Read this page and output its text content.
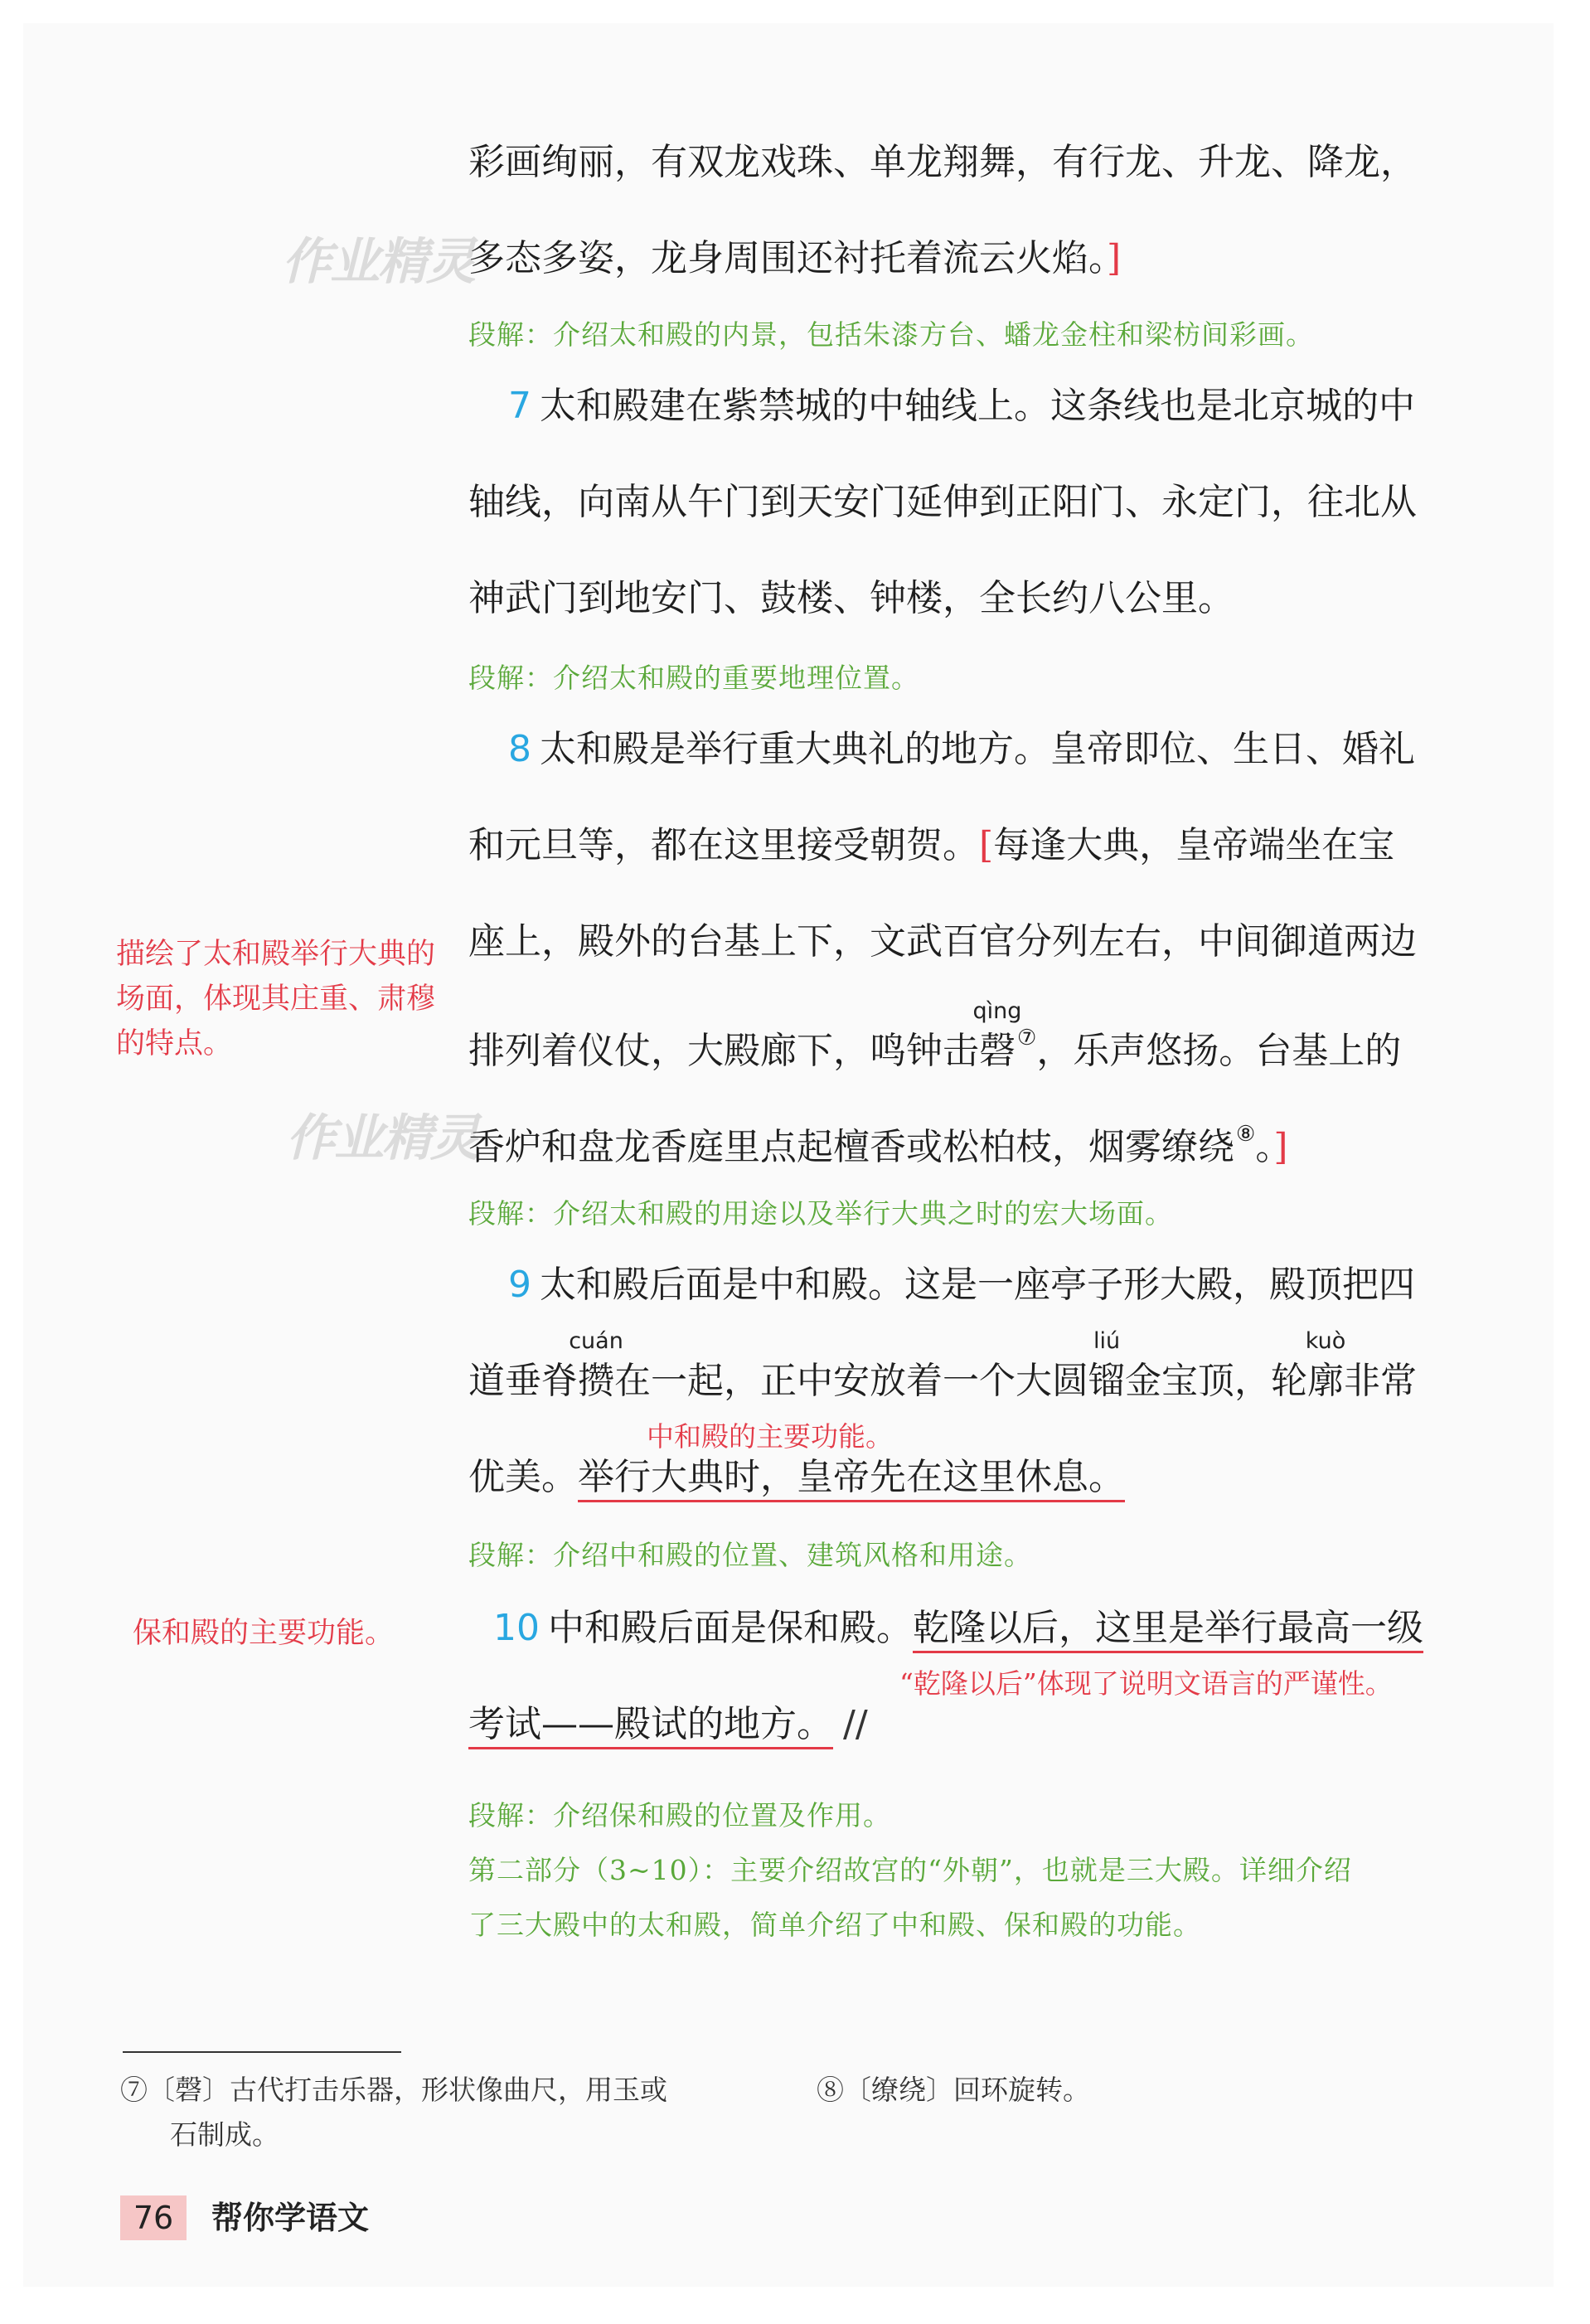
作业精灵
作业精灵
彩画绚丽，有双龙戏珠、单龙翔舞，有行龙、升龙、降龙，
多态多姿，龙身周围还衬托着流云火焰。]
段解：介绍太和殿的内景，包括朱漆方台、蟠龙金柱和梁枋间彩画。
7 太和殿建在紫禁城的中轴线上。这条线也是北京城的中
轴线，向南从午门到天安门延伸到正阳门、永定门，往北从
神武门到地安门、鼓楼、钟楼，全长约八公里。
段解：介绍太和殿的重要地理位置。
8 太和殿是举行重大典礼的地方。皇帝即位、生日、婚礼
和元旦等，都在这里接受朝贺。[每逢大典，皇帝端坐在宝
座上，殿外的台基上下，文武百官分列左右，中间御道两边
排列着仪仗，大殿廊下，鸣钟击
qìng
磬⑦，乐声悠扬。台基上的
香炉和盘龙香庭里点起檀香或松柏枝，烟雾缭绕⑧。]
段解：介绍太和殿的用途以及举行大典之时的宏大场面。
9 太和殿后面是中和殿。这是一座亭子形大殿，殿顶把四
道垂脊
cuán
攒在一起，正中安放着一个大圆
liú
镏金宝顶，轮
kuò
廓非常
中和殿的主要功能。
优美。举行大典时，皇帝先在这里休息。
段解：介绍中和殿的位置、建筑风格和用途。
10 中和殿后面是保和殿。乾隆以后，这里是举行最高一级
“乾隆以后”体现了说明文语言的严谨性。
考试——殿试的地方。 //
段解：介绍保和殿的位置及作用。
第二部分（3~10）：主要介绍故宫的“外朝”，也就是三大殿。详细介绍
了三大殿中的太和殿，简单介绍了中和殿、保和殿的功能。
描绘了太和殿举行大典的场面，体现其庄重、肃穆的特点。
保和殿的主要功能。
⑦〔磬〕古代打击乐器，形状像曲尺，用玉或
石制成。
⑧〔缭绕〕回环旋转。
76	帮你学语文
